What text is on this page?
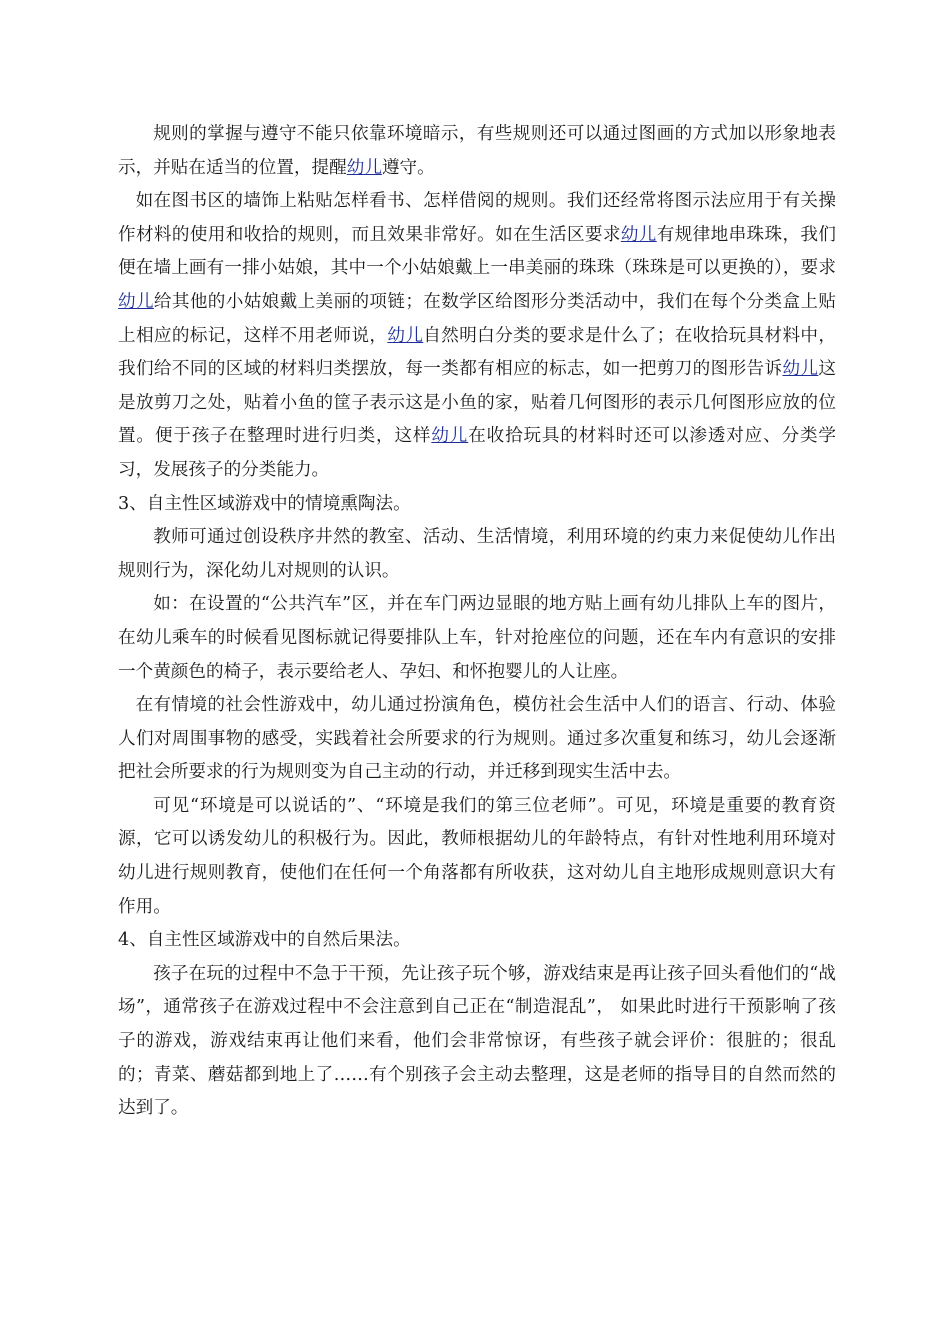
规则的掌握与遵守不能只依靠环境暗示，有些规则还可以通过图画的方式加以形象地表示，并贴在适当的位置，提醒幼儿遵守。

如在图书区的墙饰上粘贴怎样看书、怎样借阅的规则。我们还经常将图示法应用于有关操作材料的使用和收拾的规则，而且效果非常好。如在生活区要求幼儿有规律地串珠珠，我们便在墙上画有一排小姑娘，其中一个小姑娘戴上一串美丽的珠珠（珠珠是可以更换的），要求幼儿给其他的小姑娘戴上美丽的项链；在数学区给图形分类活动中，我们在每个分类盒上贴上相应的标记，这样不用老师说，幼儿自然明白分类的要求是什么了；在收拾玩具材料中，我们给不同的区域的材料归类摆放，每一类都有相应的标志，如一把剪刀的图形告诉幼儿这是放剪刀之处，贴着小鱼的筐子表示这是小鱼的家，贴着几何图形的表示几何图形应放的位置。便于孩子在整理时进行归类，这样幼儿在收拾玩具的材料时还可以渗透对应、分类学习，发展孩子的分类能力。

3、自主性区域游戏中的情境熏陶法。

教师可通过创设秩序井然的教室、活动、生活情境，利用环境的约束力来促使幼儿作出规则行为，深化幼儿对规则的认识。

如：在设置的“公共汽车”区，并在车门两边显眼的地方贴上画有幼儿排队上车的图片，在幼儿乘车的时候看见图标就记得要排队上车，针对抢座位的问题，还在车内有意识的安排一个黄颜色的椅子，表示要给老人、孕妇、和怀抱婴儿的人让座。

在有情境的社会性游戏中，幼儿通过扮演角色，模仿社会生活中人们的语言、行动、体验人们对周围事物的感受，实践着社会所要求的行为规则。通过多次重复和练习，幼儿会逐渐把社会所要求的行为规则变为自己主动的行动，并迁移到现实生活中去。

可见“环境是可以说话的”、“环境是我们的第三位老师”。可见，环境是重要的教育资源，它可以诱发幼儿的积极行为。因此，教师根据幼儿的年龄特点，有针对性地利用环境对幼儿进行规则教育，使他们在任何一个角落都有所收获，这对幼儿自主地形成规则意识大有作用。

4、自主性区域游戏中的自然后果法。

孩子在玩的过程中不急于干预，先让孩子玩个够，游戏结束是再让孩子回头看他们的“战场”，通常孩子在游戏过程中不会注意到自己正在“制造混乱”， 如果此时进行干预影响了孩子的游戏，游戏结束再让他们来看，他们会非常惊讶，有些孩子就会评价：很脏的；很乱的；青菜、蘑菇都到地上了……有个别孩子会主动去整理，这是老师的指导目的自然而然的达到了。
